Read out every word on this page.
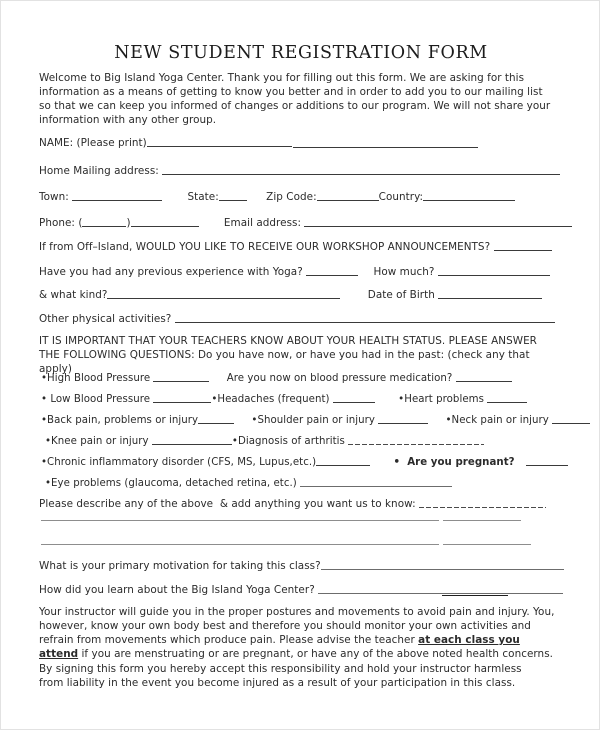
NEW STUDENT REGISTRATION FORM
Welcome to Big Island Yoga Center. Thank you for filling out this form. We are asking for this information as a means of getting to know you better and in order to add you to our mailing list so that we can keep you informed of changes or additions to our program. We will not share your information with any other group.
NAME: (Please print)
Home Mailing address:
Town:	State:	Zip Code:	Country:
Phone: (	)	Email address:
If from Off–Island, WOULD YOU LIKE TO RECEIVE OUR WORKSHOP ANNOUNCEMENTS?
Have you had any previous experience with Yoga?	How much?
& what kind?	Date of Birth
Other physical activities?
IT IS IMPORTANT THAT YOUR TEACHERS KNOW ABOUT YOUR HEALTH STATUS. PLEASE ANSWER THE FOLLOWING QUESTIONS: Do you have now, or have you had in the past: (check any that apply)
•High Blood Pressure	Are you now on blood pressure medication?
• Low Blood Pressure	•Headaches (frequent)	•Heart problems
•Back pain, problems or injury	•Shoulder pain or injury	•Neck pain or injury
•Knee pain or injury	•Diagnosis of arthritis
•Chronic inflammatory disorder (CFS, MS, Lupus,etc.)	•  Are you pregnant?
•Eye problems (glaucoma, detached retina, etc.)
Please describe any of the above  & add anything you want us to know:
What is your primary motivation for taking this class?
How did you learn about the Big Island Yoga Center?
Your instructor will guide you in the proper postures and movements to avoid pain and injury. You, however, know your own body best and therefore you should monitor your own activities and refrain from movements which produce pain. Please advise the teacher at each class you attend if you are menstruating or are pregnant, or have any of the above noted health concerns.
By signing this form you hereby accept this responsibility and hold your instructor harmless from liability in the event you become injured as a result of your participation in this class.
